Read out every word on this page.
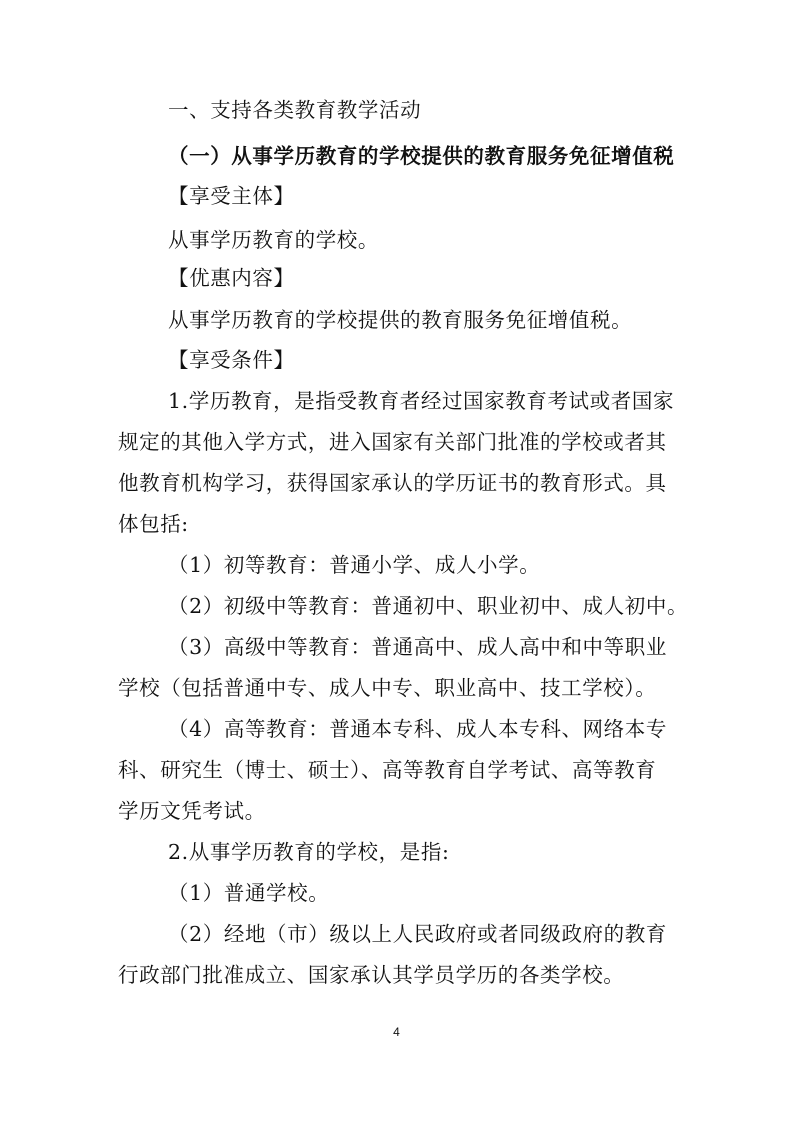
一、支持各类教育教学活动
（一）从事学历教育的学校提供的教育服务免征增值税
【享受主体】
从事学历教育的学校。
【优惠内容】
从事学历教育的学校提供的教育服务免征增值税。
【享受条件】
1.学历教育，是指受教育者经过国家教育考试或者国家
规定的其他入学方式，进入国家有关部门批准的学校或者其
他教育机构学习，获得国家承认的学历证书的教育形式。具
体包括:
（1）初等教育：普通小学、成人小学。
（2）初级中等教育：普通初中、职业初中、成人初中。
（3）高级中等教育：普通高中、成人高中和中等职业
学校（包括普通中专、成人中专、职业高中、技工学校）。
（4）高等教育：普通本专科、成人本专科、网络本专
科、研究生（博士、硕士）、高等教育自学考试、高等教育
学历文凭考试。
2.从事学历教育的学校，是指:
（1）普通学校。
（2）经地（市）级以上人民政府或者同级政府的教育
行政部门批准成立、国家承认其学员学历的各类学校。
4
